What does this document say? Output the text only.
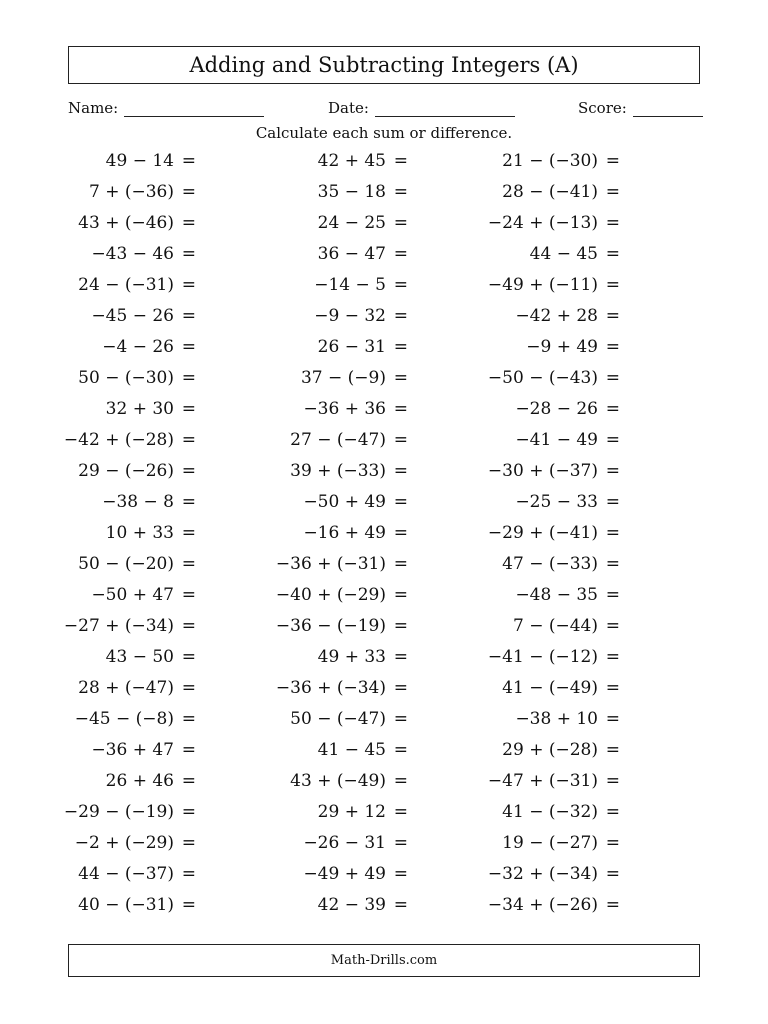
Adding and Subtracting Integers (A)
Name:	Date:	Score:
Calculate each sum or difference.
49 − 14 =	42 + 45 =	21 − (−30) =
7 + (−36) =	35 − 18 =	28 − (−41) =
43 + (−46) =	24 − 25 =	−24 + (−13) =
−43 − 46 =	36 − 47 =	44 − 45 =
24 − (−31) =	−14 − 5 =	−49 + (−11) =
−45 − 26 =	−9 − 32 =	−42 + 28 =
−4 − 26 =	26 − 31 =	−9 + 49 =
50 − (−30) =	37 − (−9) =	−50 − (−43) =
32 + 30 =	−36 + 36 =	−28 − 26 =
−42 + (−28) =	27 − (−47) =	−41 − 49 =
29 − (−26) =	39 + (−33) =	−30 + (−37) =
−38 − 8 =	−50 + 49 =	−25 − 33 =
10 + 33 =	−16 + 49 =	−29 + (−41) =
50 − (−20) =	−36 + (−31) =	47 − (−33) =
−50 + 47 =	−40 + (−29) =	−48 − 35 =
−27 + (−34) =	−36 − (−19) =	7 − (−44) =
43 − 50 =	49 + 33 =	−41 − (−12) =
28 + (−47) =	−36 + (−34) =	41 − (−49) =
−45 − (−8) =	50 − (−47) =	−38 + 10 =
−36 + 47 =	41 − 45 =	29 + (−28) =
26 + 46 =	43 + (−49) =	−47 + (−31) =
−29 − (−19) =	29 + 12 =	41 − (−32) =
−2 + (−29) =	−26 − 31 =	19 − (−27) =
44 − (−37) =	−49 + 49 =	−32 + (−34) =
40 − (−31) =	42 − 39 =	−34 + (−26) =
Math-Drills.com
